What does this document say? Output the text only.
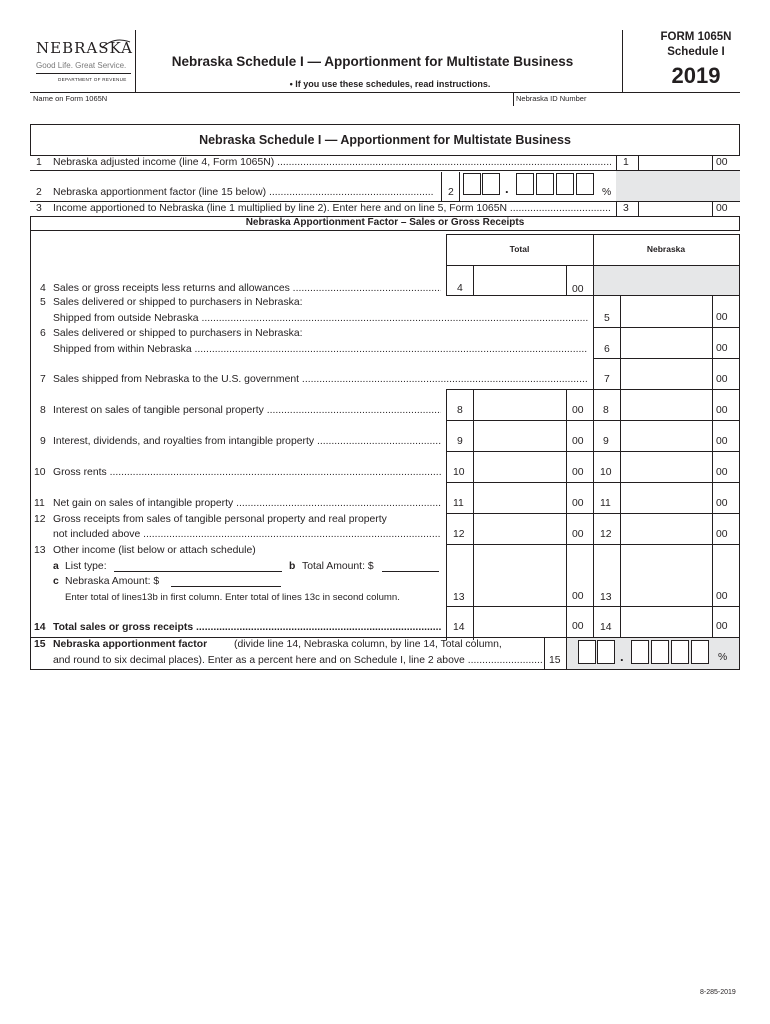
NEBRASKA
Good Life. Great Service.
DEPARTMENT OF REVENUE
Nebraska Schedule I — Apportionment for Multistate Business
• If you use these schedules, read instructions.
FORM 1065N
Schedule I
2019
Name on Form 1065N	Nebraska ID Number
Nebraska Schedule I — Apportionment for Multistate Business
1 Nebraska adjusted income (line 4, Form 1065N) .....	1	00
2 Nebraska apportionment factor (line 15 below) .....	2	.	%
3 Income apportioned to Nebraska (line 1 multiplied by line 2). Enter here and on line 5, Form 1065N .....	3	00
Nebraska Apportionment Factor – Sales or Gross Receipts
Total	Nebraska
4 Sales or gross receipts less returns and allowances .....	4	00
5 Sales delivered or shipped to purchasers in Nebraska:
Shipped from outside Nebraska .....	5	00
6 Sales delivered or shipped to purchasers in Nebraska:
Shipped from within Nebraska .....	6	00
7 Sales shipped from Nebraska to the U.S. government .....	7	00
8 Interest on sales of tangible personal property .....	8	00 8	00
9 Interest, dividends, and royalties from intangible property .....	9	00 9	00
10 Gross rents .....	10	00 10	00
11 Net gain on sales of intangible property .....	11	00 11	00
12 Gross receipts from sales of tangible personal property and real property
not included above .....	12	00 12	00
13 Other income (list below or attach schedule)
a List type:	b Total Amount: $
c Nebraska Amount: $
Enter total of lines13b in first column. Enter total of lines 13c in second column.	13	00 13	00
14 Total sales or gross receipts .....	14	00 14	00
15 Nebraska apportionment factor	(divide line 14, Nebraska column, by line 14, Total column,
and round to six decimal places). Enter as a percent here and on Schedule I, line 2 above .....	15	.	%
8-285-2019
